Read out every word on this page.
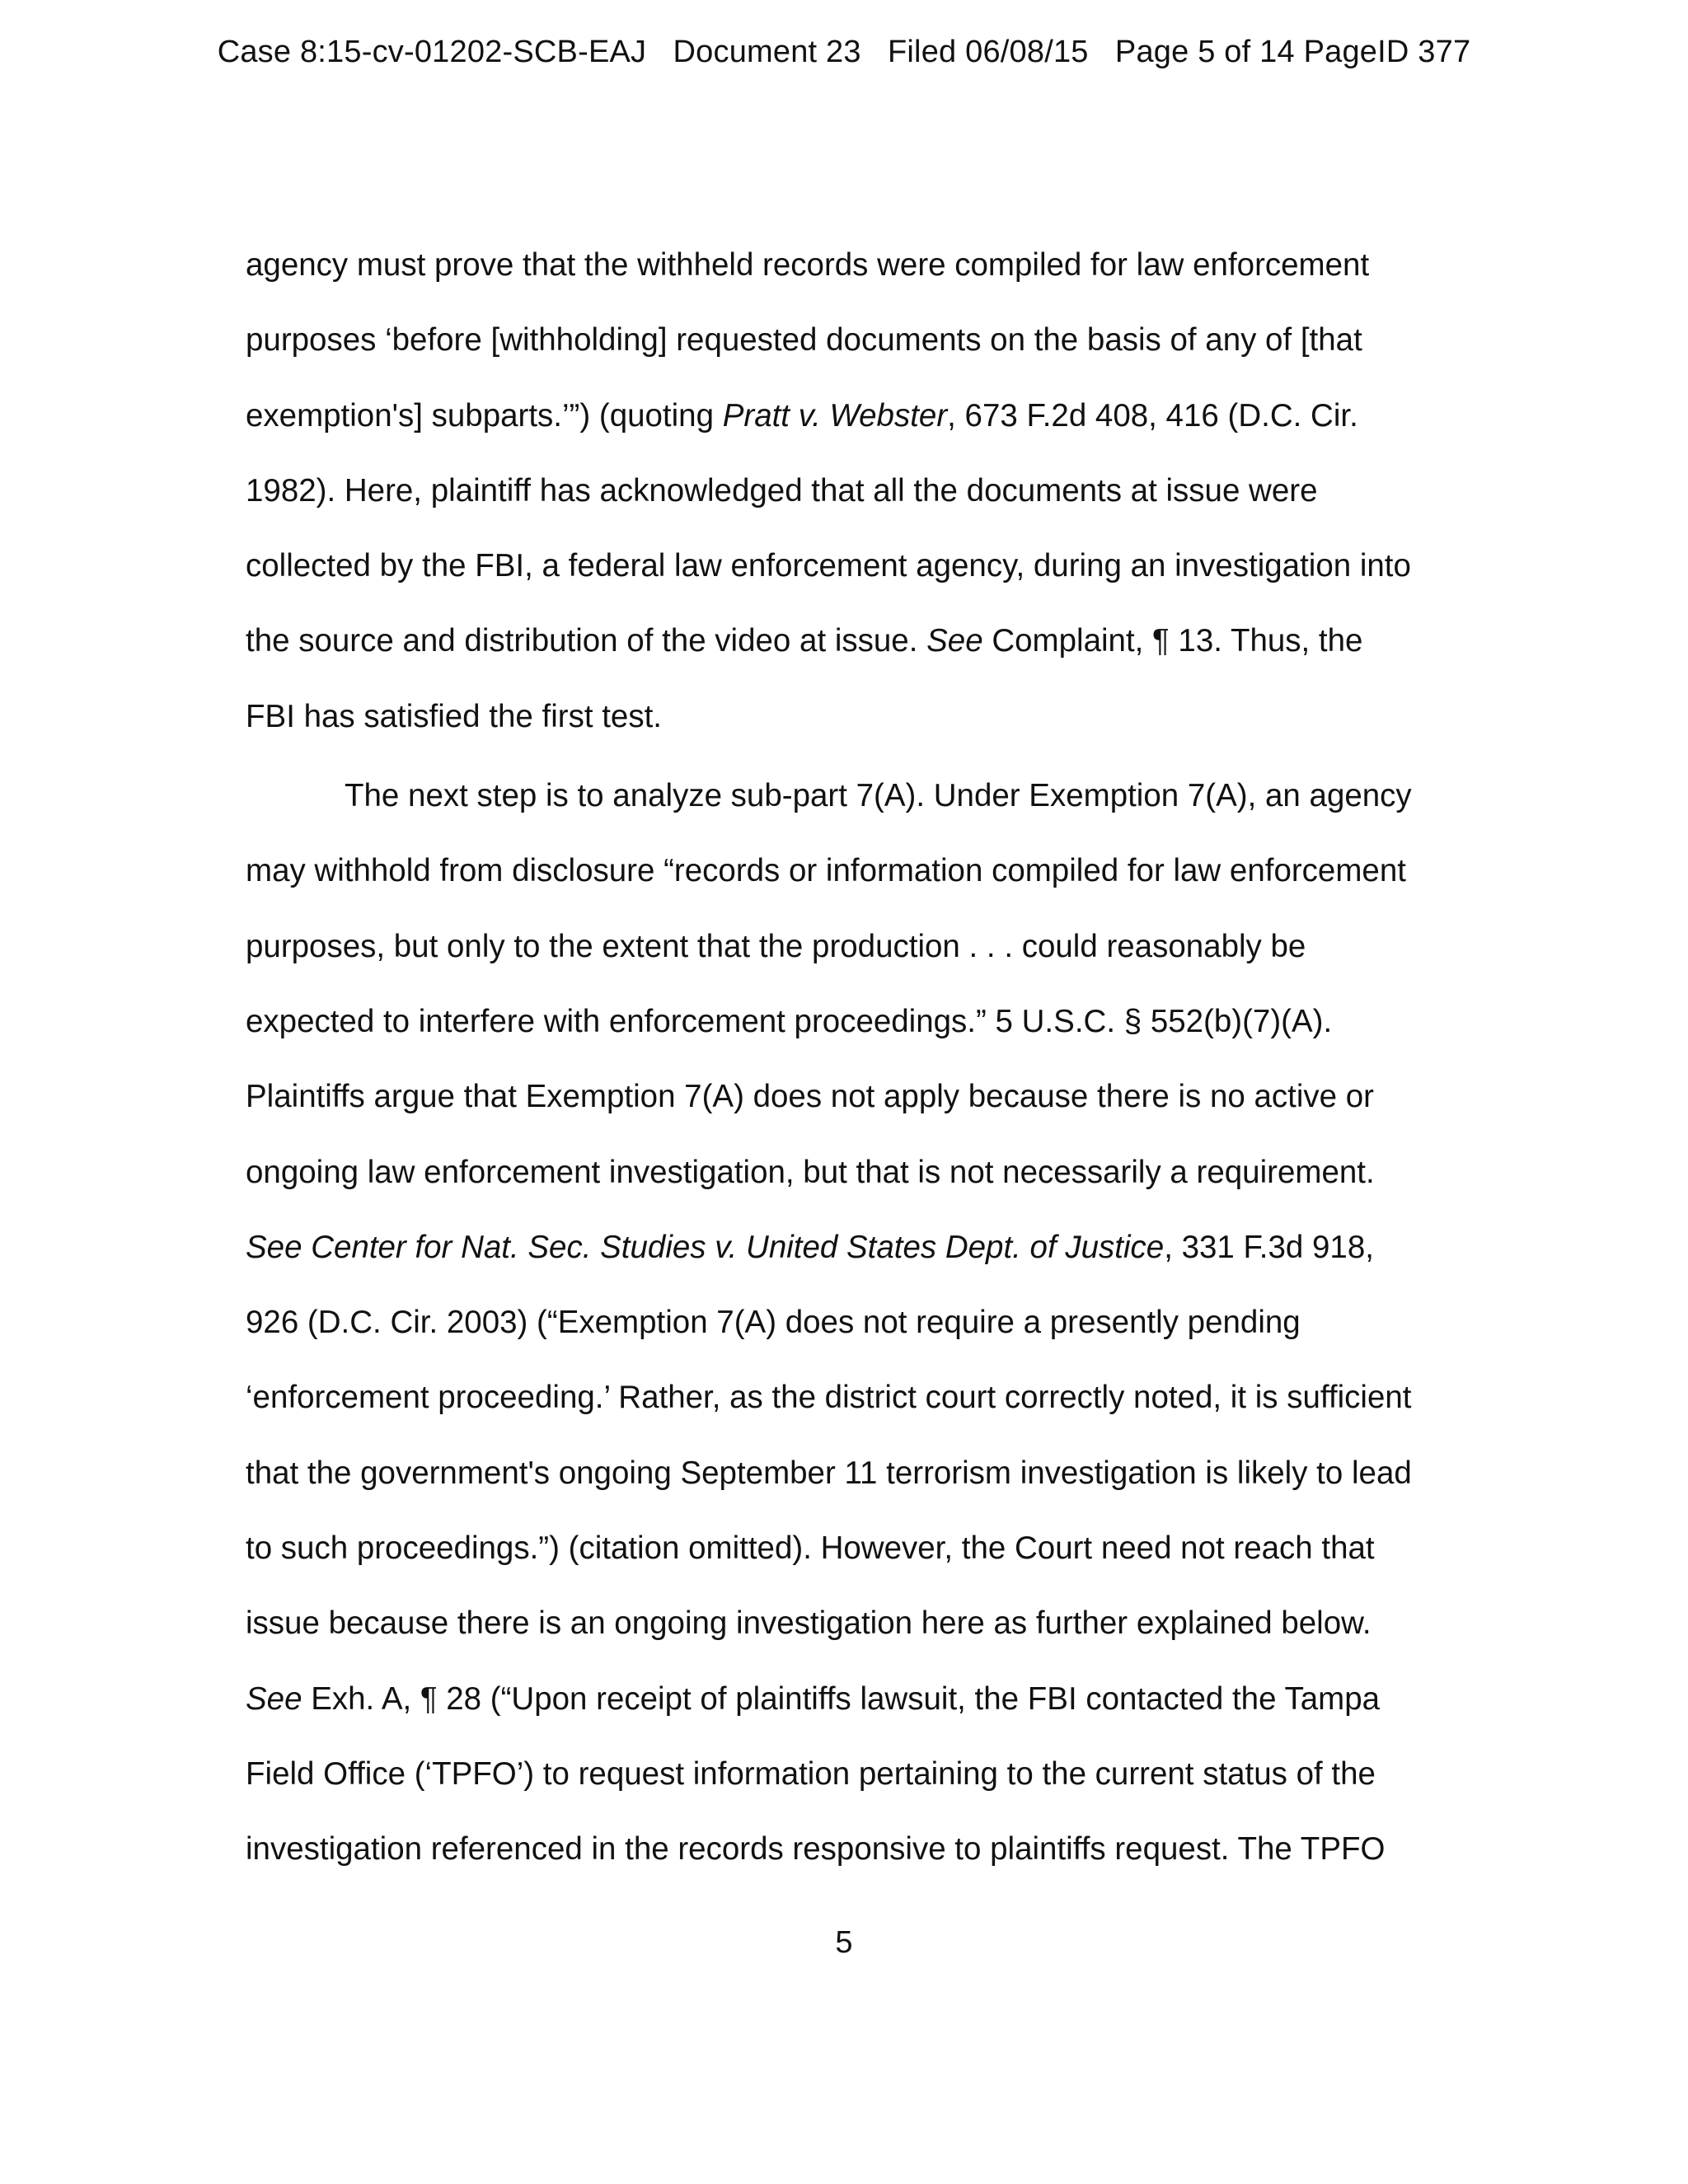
Case 8:15-cv-01202-SCB-EAJ   Document 23   Filed 06/08/15   Page 5 of 14 PageID 377
agency must prove that the withheld records were compiled for law enforcement
purposes ‘before [withholding] requested documents on the basis of any of [that
exemption's] subparts.’”) (quoting Pratt v. Webster, 673 F.2d 408, 416 (D.C. Cir.
1982). Here, plaintiff has acknowledged that all the documents at issue were
collected by the FBI, a federal law enforcement agency, during an investigation into
the source and distribution of the video at issue. See Complaint, ¶ 13. Thus, the
FBI has satisfied the first test.
The next step is to analyze sub-part 7(A). Under Exemption 7(A), an agency
may withhold from disclosure “records or information compiled for law enforcement
purposes, but only to the extent that the production . . . could reasonably be
expected to interfere with enforcement proceedings.” 5 U.S.C. § 552(b)(7)(A).
Plaintiffs argue that Exemption 7(A) does not apply because there is no active or
ongoing law enforcement investigation, but that is not necessarily a requirement.
See Center for Nat. Sec. Studies v. United States Dept. of Justice, 331 F.3d 918,
926 (D.C. Cir. 2003) (“Exemption 7(A) does not require a presently pending
‘enforcement proceeding.’ Rather, as the district court correctly noted, it is sufficient
that the government's ongoing September 11 terrorism investigation is likely to lead
to such proceedings.”) (citation omitted). However, the Court need not reach that
issue because there is an ongoing investigation here as further explained below.
See Exh. A, ¶ 28 (“Upon receipt of plaintiffs lawsuit, the FBI contacted the Tampa
Field Office (‘TPFO’) to request information pertaining to the current status of the
investigation referenced in the records responsive to plaintiffs request. The TPFO
5
